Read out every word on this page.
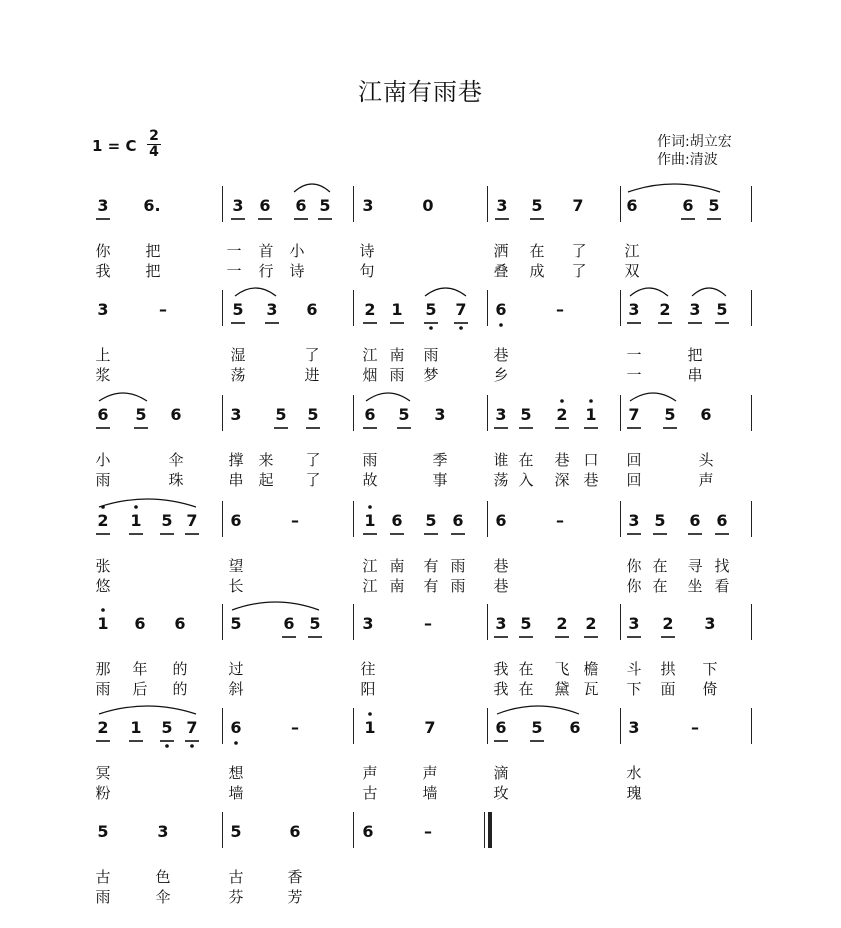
江南有雨巷
1 = C
2
4
作词:胡立宏
作曲:清波
3	6.	3 6	6 5	3	0	3	5	7	6	6 5
你	把	一	首	小	诗	洒	在	了	江
我	把	一	行	诗	句	叠	成	了	双
3	–	5	3	6	2 1	5	7	6	–	3	2	3 5
上	湿	了	江 南	雨	巷	一	把
浆	荡	进	烟 雨	梦	乡	一	串
6	5	6	3	5	5	6	5	3	3 5	2	1	7	5	6
小	伞	撑 来	了	雨	季	谁 在	巷 口	回	头
雨	珠	串 起	了	故	事	荡 入	深 巷	回	声
2	1	5 7	6	–	1 6	5 6	6	–	3 5	6 6
张	望	江 南	有 雨	巷	你 在	寻 找
悠	长	江 南	有 雨	巷	你 在	坐 看
1	6	6	5	6 5	3	–	3 5	2	2	3	2	3
那	年	的	过	往	我 在	飞 檐	斗	拱	下
雨	后	的	斜	阳	我 在	黛 瓦	下	面	倚
2	1	5 7	6	–	1	7	6	5	6	3	–
冥	想	声	声	滴	水
粉	墙	古	墙	玫	瑰
5	3	5	6	6	–
古	色	古	香
雨	伞	芬	芳
